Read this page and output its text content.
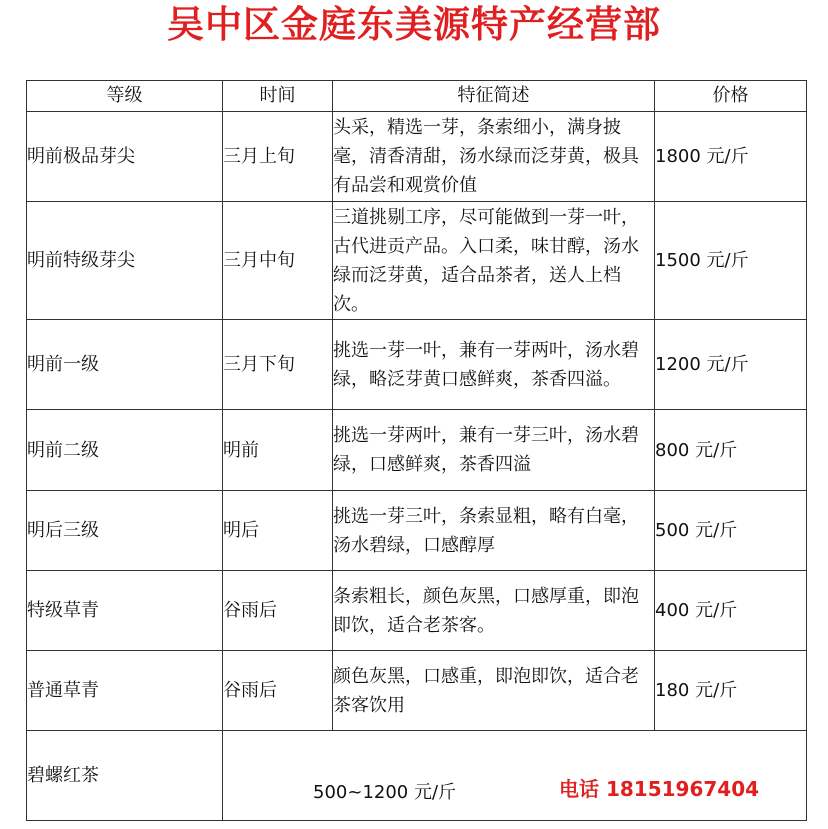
吴中区金庭东美源特产经营部
等级	时间	特征简述	价格
明前极品芽尖	三月上旬	头采，精选一芽，条索细小，满身披毫，清香清甜，汤水绿而泛芽黄，极具有品尝和观赏价值	1800 元/斤
明前特级芽尖	三月中旬	三道挑剔工序，尽可能做到一芽一叶，古代进贡产品。入口柔，味甘醇，汤水绿而泛芽黄，适合品茶者，送人上档次。	1500 元/斤
明前一级	三月下旬	挑选一芽一叶，兼有一芽两叶，汤水碧绿，略泛芽黄口感鲜爽，茶香四溢。	1200 元/斤
明前二级	明前	挑选一芽两叶，兼有一芽三叶，汤水碧绿，口感鲜爽，茶香四溢	800 元/斤
明后三级	明后	挑选一芽三叶，条索显粗，略有白毫，汤水碧绿，口感醇厚	500 元/斤
特级草青	谷雨后	条索粗长，颜色灰黑，口感厚重，即泡即饮，适合老茶客。	400 元/斤
普通草青	谷雨后	颜色灰黑，口感重，即泡即饮，适合老茶客饮用	180 元/斤
碧螺红茶	500~1200 元/斤 电话 18151967404		
